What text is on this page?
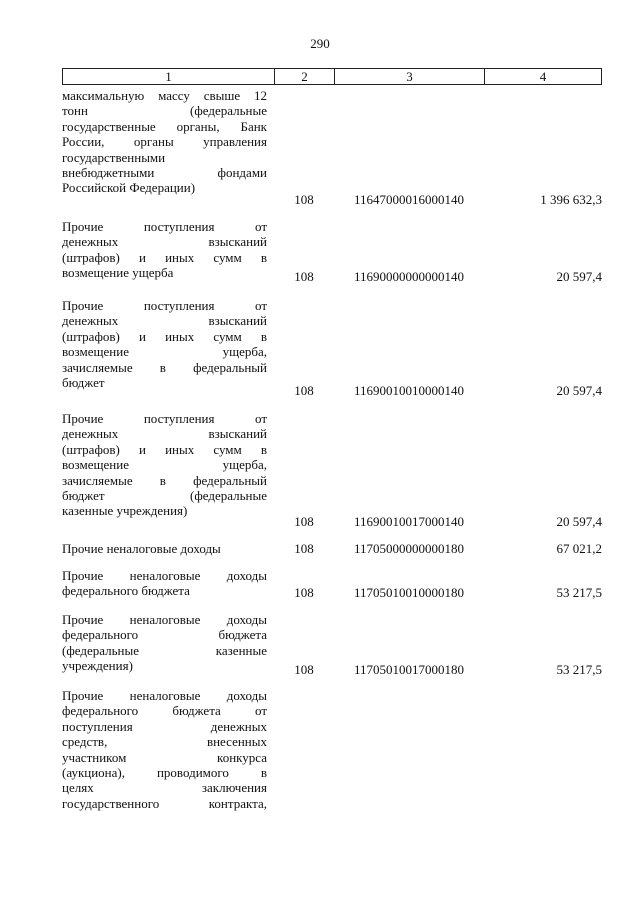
290
1	2	3	4
максимальную массу свыше 12
тонн (федеральные
государственные органы, Банк
России, органы управления
государственными
внебюджетными фондами
Российской Федерации)
108	11647000016000140	1 396 632,3
Прочие поступления от
денежных взысканий
(штрафов) и иных сумм в
возмещение ущерба	108	11690000000000140	20 597,4
Прочие поступления от
денежных взысканий
(штрафов) и иных сумм в
возмещение ущерба,
зачисляемые в федеральный
бюджет
108	11690010010000140	20 597,4
Прочие поступления от
денежных взысканий
(штрафов) и иных сумм в
возмещение ущерба,
зачисляемые в федеральный
бюджет (федеральные
казенные учреждения)
108	11690010017000140	20 597,4
Прочие неналоговые доходы	108	11705000000000180	67 021,2
Прочие неналоговые доходы
федерального бюджета	108	11705010010000180	53 217,5
Прочие неналоговые доходы
федерального бюджета
(федеральные казенные
учреждения)	108	11705010017000180	53 217,5
Прочие неналоговые доходы
федерального бюджета от
поступления денежных
средств, внесенных
участником конкурса
(аукциона), проводимого в
целях заключения
государственного контракта,
